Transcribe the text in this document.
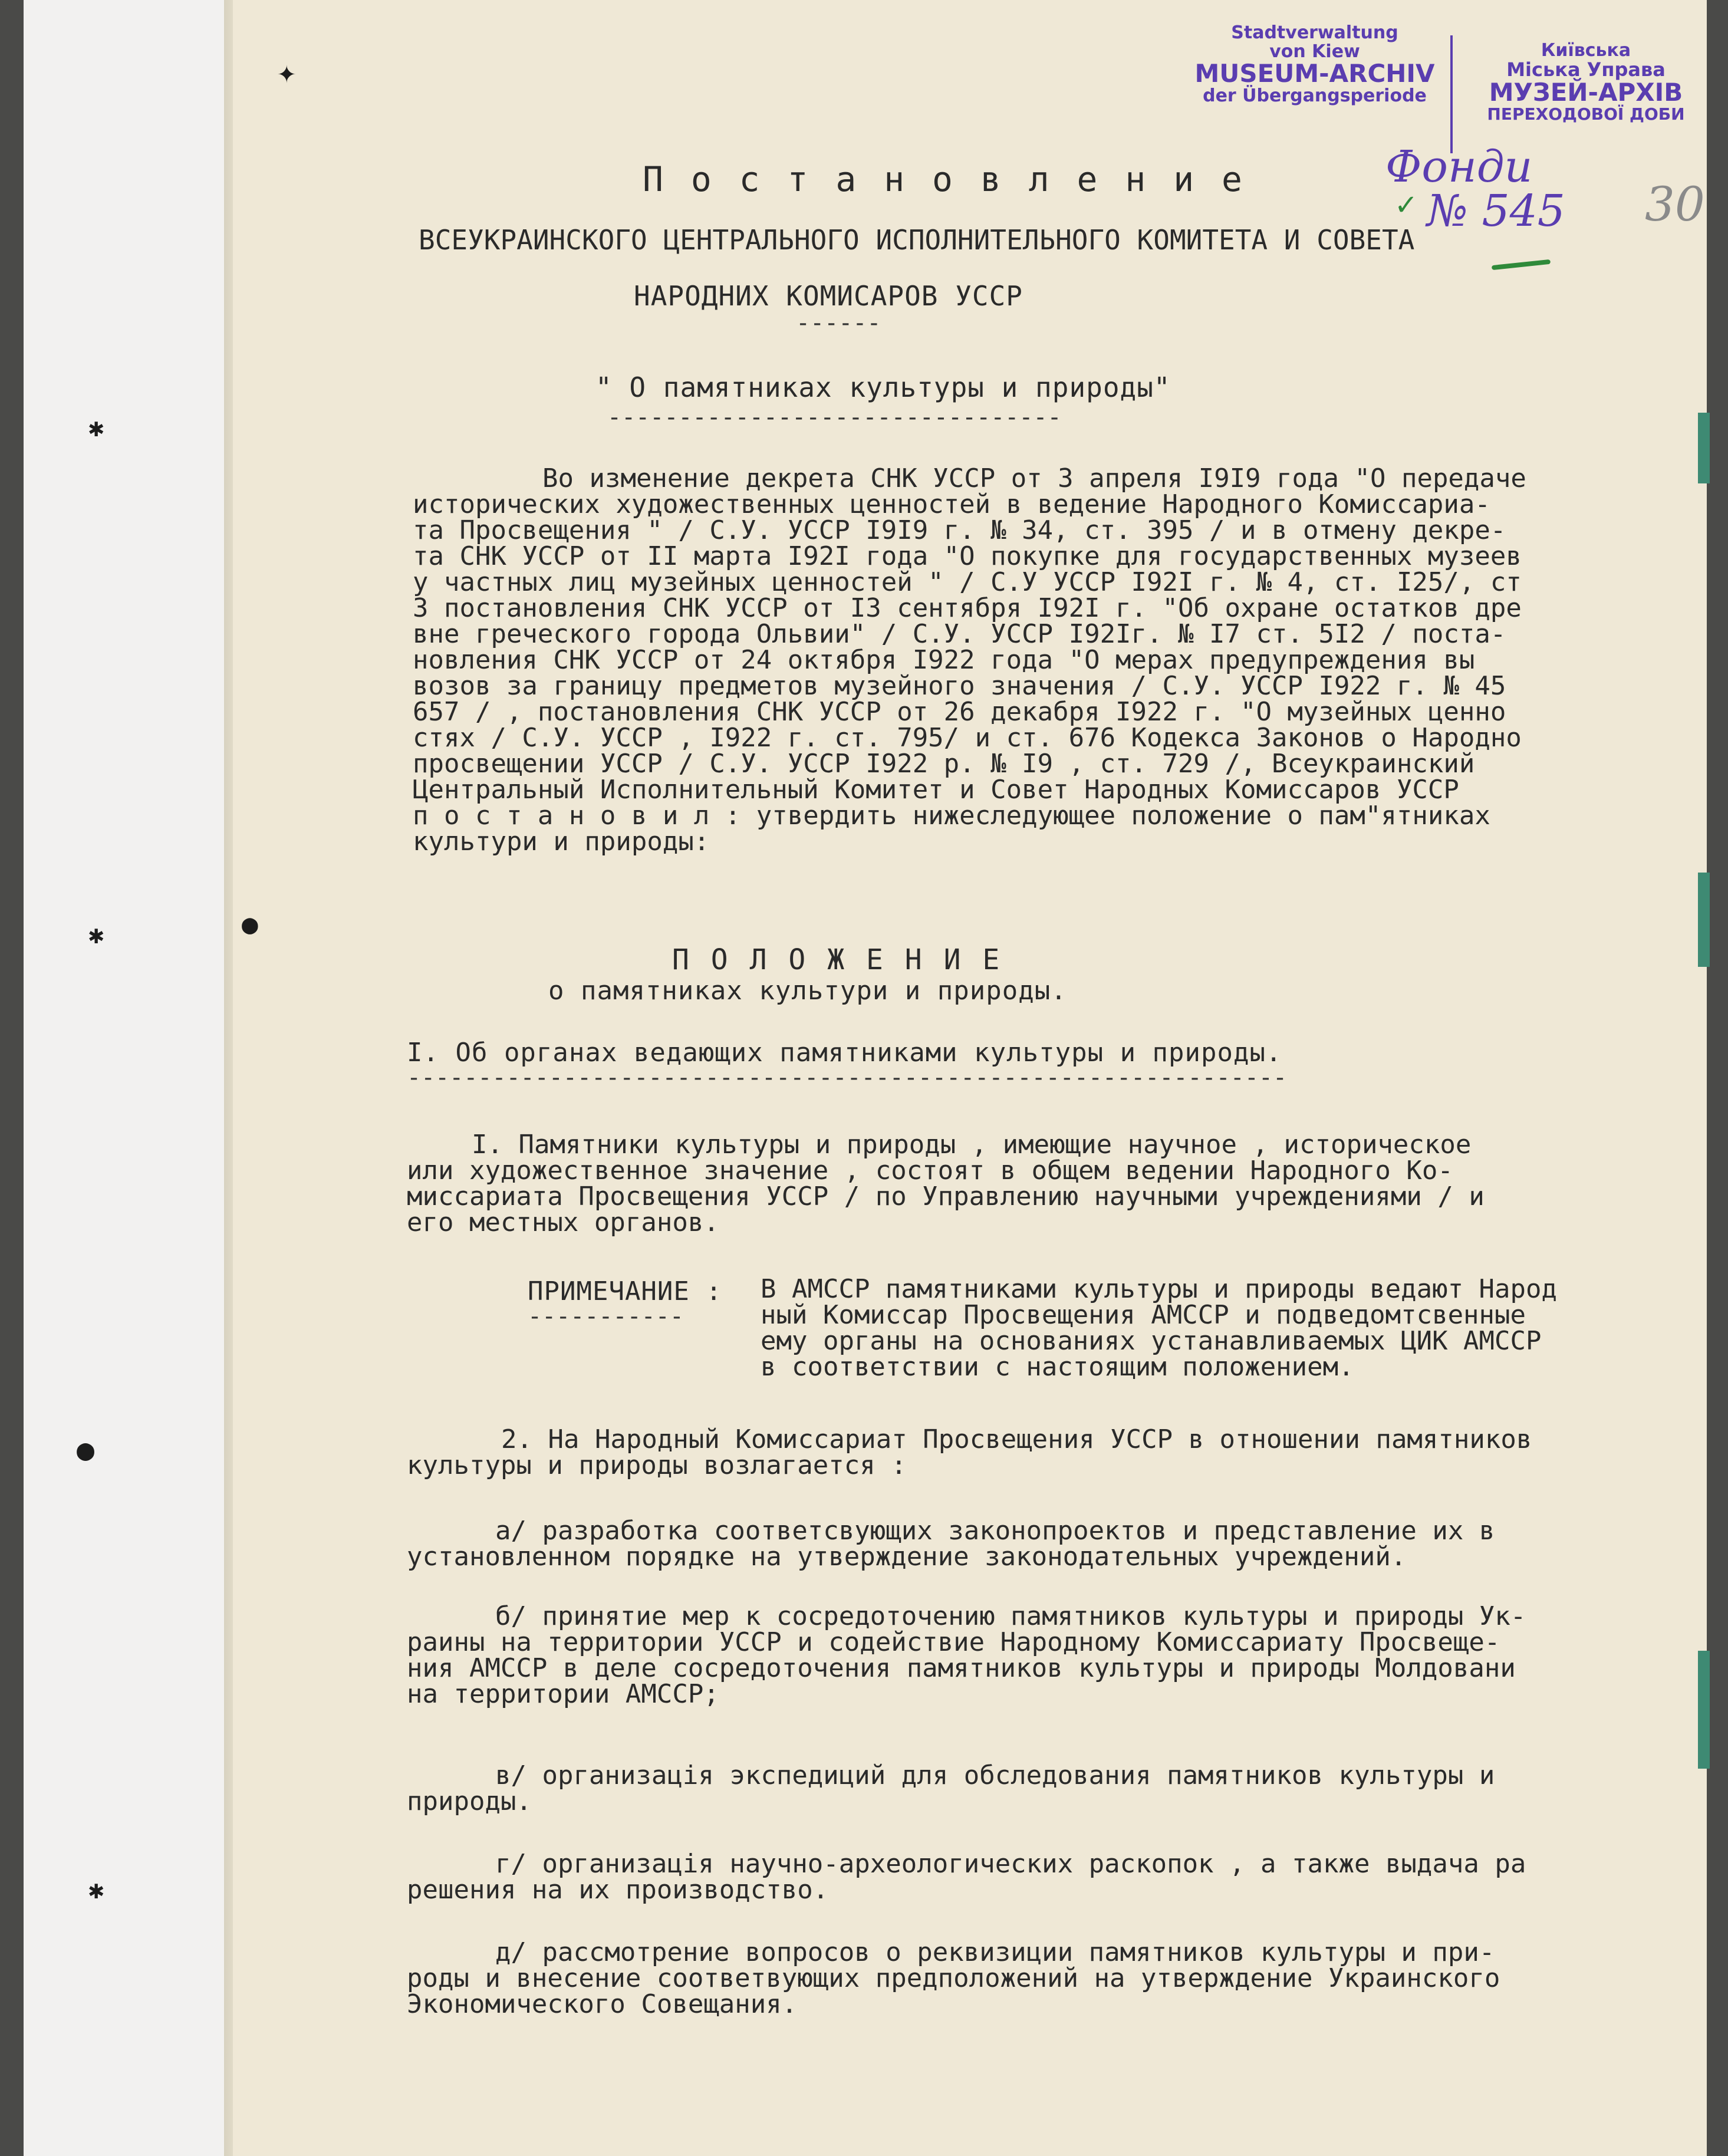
✱
✱
✱
✦
●
●
Stadtverwaltung
von Kiew
MUSEUM-ARCHIV
der Übergangsperiode
Київська
Міська Управа
МУЗЕЙ-АРХІВ
ПЕРЕХОДОВОЇ ДОБИ
Фонди
№ 545 30
✓
П о с т а н о в л е н и е
ВСЕУКРАИНСКОГО ЦЕНТРАЛЬНОГО ИСПОЛНИТЕЛЬНОГО КОМИТЕТА И СОВЕТА
НАРОДНИХ КОМИСАРОВ УССР
------
" О памятниках культуры и природы"
--------------------------------
Во изменение декрета СНК УССР от 3 апреля І9І9 года "О передаче
исторических художественных ценностей в ведение Народного Комиссариа-
та Просвещения " / С.У. УССР І9І9 г. № 34, ст. 395 / и в отмену декре-
та СНК УССР от ІІ марта І92І года "О покупке для государственных музеев
у частных лиц музейных ценностей " / С.У УССР І92І г. № 4, ст. І25/, ст
3 постановления СНК УССР от ІЗ сентября І92І г. "Об охране остатков дре
вне греческого города Ольвии" / С.У. УССР І92Іг. № І7 ст. 5І2 / поста-
новления СНК УССР от 24 октября І922 года "О мерах предупреждения вы
возов за границу предметов музейного значения / С.У. УССР І922 г. № 45
657 / , постановления СНК УССР от 26 декабря І922 г. "О музейных ценно
стях / С.У. УССР , І922 г. ст. 795/ и ст. 676 Кодекса Законов о Народно
просвещении УССР / С.У. УССР І922 р. № І9 , ст. 729 /, Всеукраинский
Центральный Исполнительный Комитет и Совет Народных Комиссаров УССР
п о с т а н о в и л : утвердить нижеследующее положение о пам"ятниках
культури и природы:
П О Л О Ж Е Н И Е
о памятниках культури и природы.
І. Об органах ведающих памятниками культуры и природы.
--------------------------------------------------------------
І. Памятники культуры и природы , имеющие научное , историческое
или художественное значение , состоят в общем ведении Народного Ко-
миссариата Просвещения УССР / по Управлению научными учреждениями / и
его местных органов.
ПРИМЕЧАНИЕ :
-----------
В АМССР памятниками культуры и природы ведают Народ
ный Комиссар Просвещения АМССР и подведомтсвенные
ему органы на основаниях устанавливаемых ЦИК АМССР
в соответствии с настоящим положением.
2. На Народный Комиссариат Просвещения УССР в отношении памятников
культуры и природы возлагается :
а/ разработка соответсвующих законопроектов и представление их в
установленном порядке на утверждение законодательных учреждений.
б/ принятие мер к сосредоточению памятников культуры и природы Ук-
раины на территории УССР и содействие Народному Комиссариату Просвеще-
ния АМССР в деле сосредоточения памятников культуры и природы Молдовани
на территории АМССР;
в/ организація экспедиций для обследования памятников культуры и
природы.
г/ организація научно-археологических раскопок , а также выдача ра
решения на их производство.
д/ рассмотрение вопросов о реквизиции памятников культуры и при-
роды и внесение соответвующих предположений на утверждение Украинского
Экономического Совещания.
